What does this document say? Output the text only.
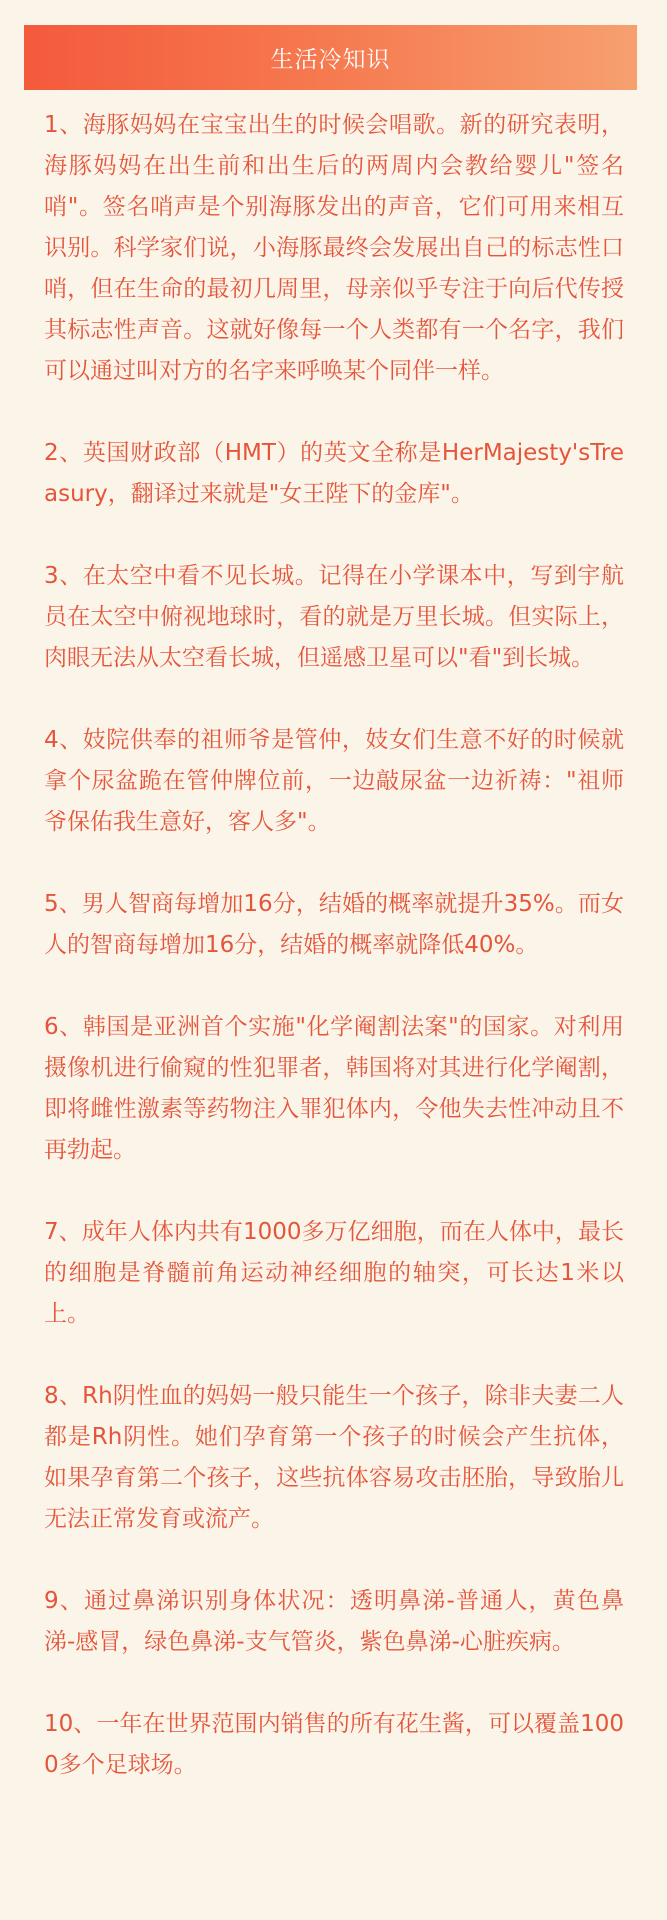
生活冷知识

1、海豚妈妈在宝宝出生的时候会唱歌。新的研究表明，海豚妈妈在出生前和出生后的两周内会教给婴儿"签名哨"。签名哨声是个别海豚发出的声音，它们可用来相互识别。科学家们说，小海豚最终会发展出自己的标志性口哨，但在生命的最初几周里，母亲似乎专注于向后代传授其标志性声音。这就好像每一个人类都有一个名字，我们可以通过叫对方的名字来呼唤某个同伴一样。

2、英国财政部（HMT）的英文全称是HerMajesty'sTreasury，翻译过来就是"女王陛下的金库"。

3、在太空中看不见长城。记得在小学课本中，写到宇航员在太空中俯视地球时，看的就是万里长城。但实际上，肉眼无法从太空看长城，但遥感卫星可以"看"到长城。

4、妓院供奉的祖师爷是管仲，妓女们生意不好的时候就拿个尿盆跪在管仲牌位前，一边敲尿盆一边祈祷："祖师爷保佑我生意好，客人多"。

5、男人智商每增加16分，结婚的概率就提升35%。而女人的智商每增加16分，结婚的概率就降低40%。

6、韩国是亚洲首个实施"化学阉割法案"的国家。对利用摄像机进行偷窥的性犯罪者，韩国将对其进行化学阉割，即将雌性激素等药物注入罪犯体内，令他失去性冲动且不再勃起。

7、成年人体内共有1000多万亿细胞，而在人体中，最长的细胞是脊髓前角运动神经细胞的轴突，可长达1米以上。

8、Rh阴性血的妈妈一般只能生一个孩子，除非夫妻二人都是Rh阴性。她们孕育第一个孩子的时候会产生抗体，如果孕育第二个孩子，这些抗体容易攻击胚胎，导致胎儿无法正常发育或流产。

9、通过鼻涕识别身体状况：透明鼻涕-普通人，黄色鼻涕-感冒，绿色鼻涕-支气管炎，紫色鼻涕-心脏疾病。

10、一年在世界范围内销售的所有花生酱，可以覆盖1000多个足球场。
